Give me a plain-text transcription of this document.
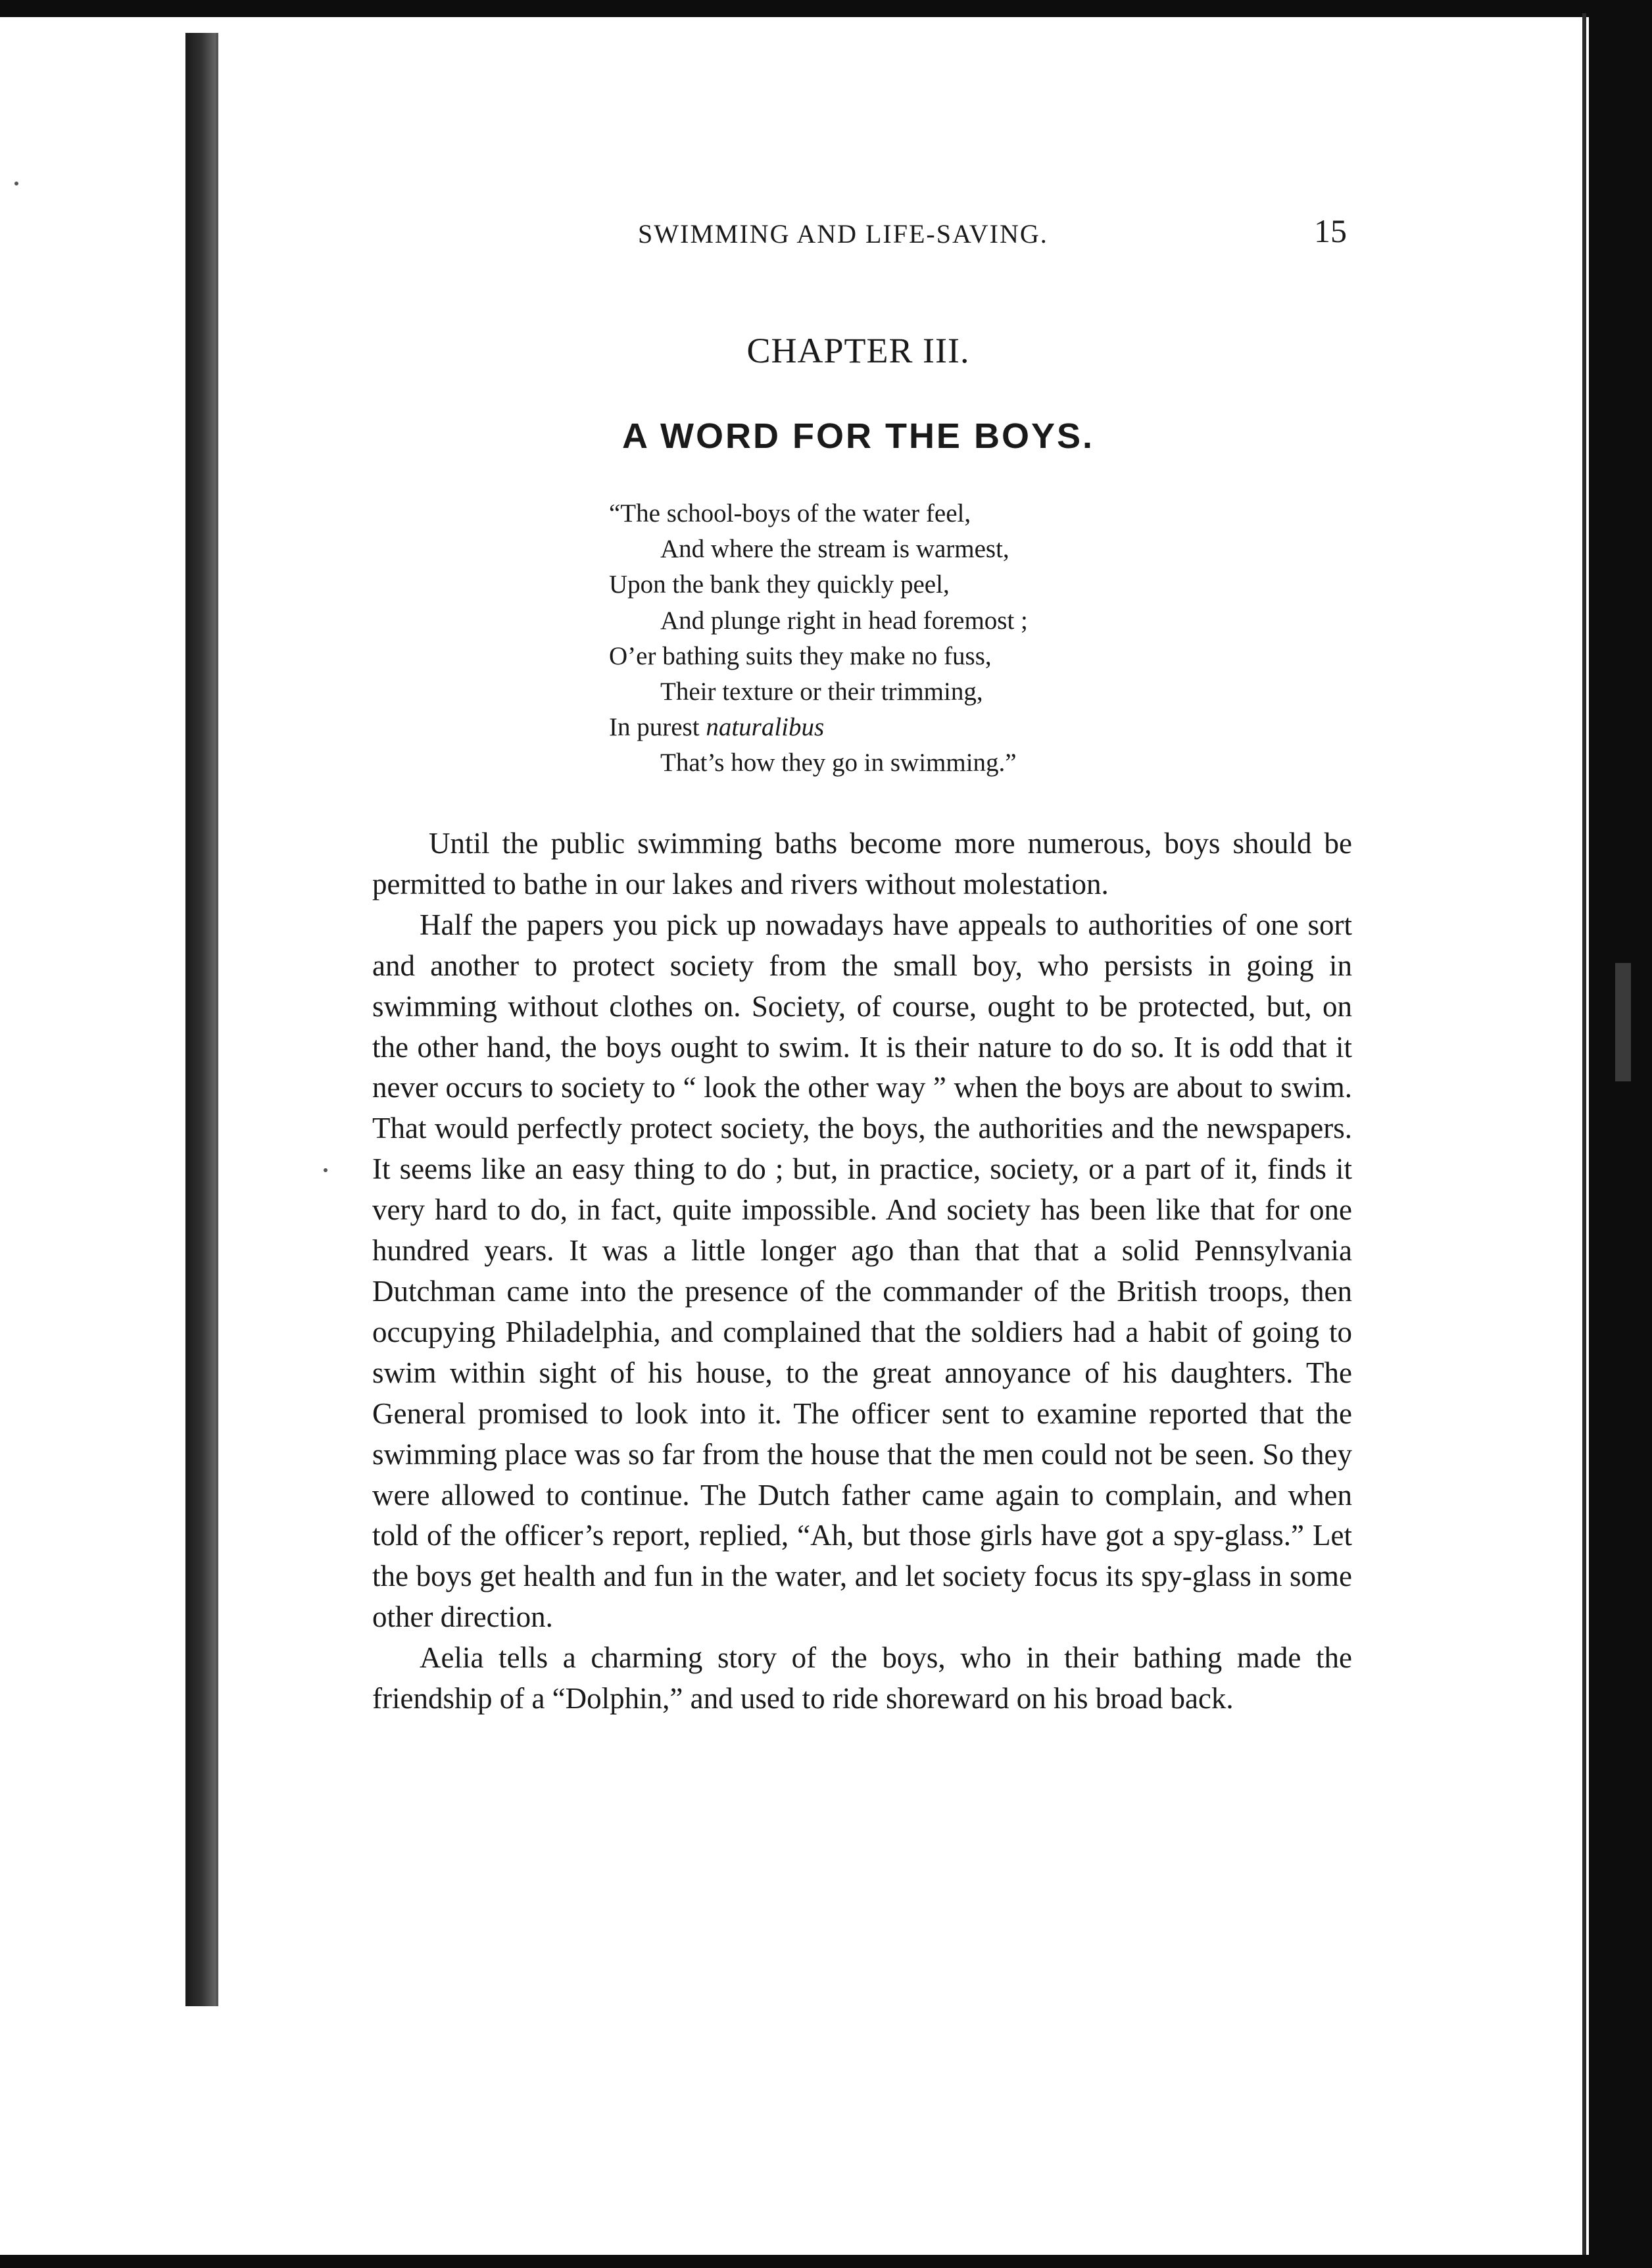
SWIMMING AND LIFE-SAVING.	15
CHAPTER III.
A WORD FOR THE BOYS.
“The school-boys of the water feel,
And where the stream is warmest,
Upon the bank they quickly peel,
And plunge right in head foremost ;
O’er bathing suits they make no fuss,
Their texture or their trimming,
In purest naturalibus
That’s how they go in swimming.”

Until the public swimming baths become more numerous, boys should be permitted to bathe in our lakes and rivers without molestation.

Half the papers you pick up nowadays have appeals to authorities of one sort and another to protect society from the small boy, who persists in going in swimming without clothes on. Society, of course, ought to be protected, but, on the other hand, the boys ought to swim. It is their nature to do so. It is odd that it never occurs to society to “ look the other way ” when the boys are about to swim. That would perfectly protect society, the boys, the authorities and the newspapers. It seems like an easy thing to do ; but, in practice, society, or a part of it, finds it very hard to do, in fact, quite impossible. And society has been like that for one hundred years. It was a little longer ago than that that a solid Pennsylvania Dutchman came into the presence of the commander of the British troops, then occupying Philadelphia, and complained that the soldiers had a habit of going to swim within sight of his house, to the great annoyance of his daughters. The General promised to look into it. The officer sent to examine reported that the swimming place was so far from the house that the men could not be seen. So they were allowed to continue. The Dutch father came again to complain, and when told of the officer’s report, replied, “Ah, but those girls have got a spy-glass.” Let the boys get health and fun in the water, and let society focus its spy-glass in some other direction.

Aelia tells a charming story of the boys, who in their bathing made the friendship of a “Dolphin,” and used to ride shoreward on his broad back.
